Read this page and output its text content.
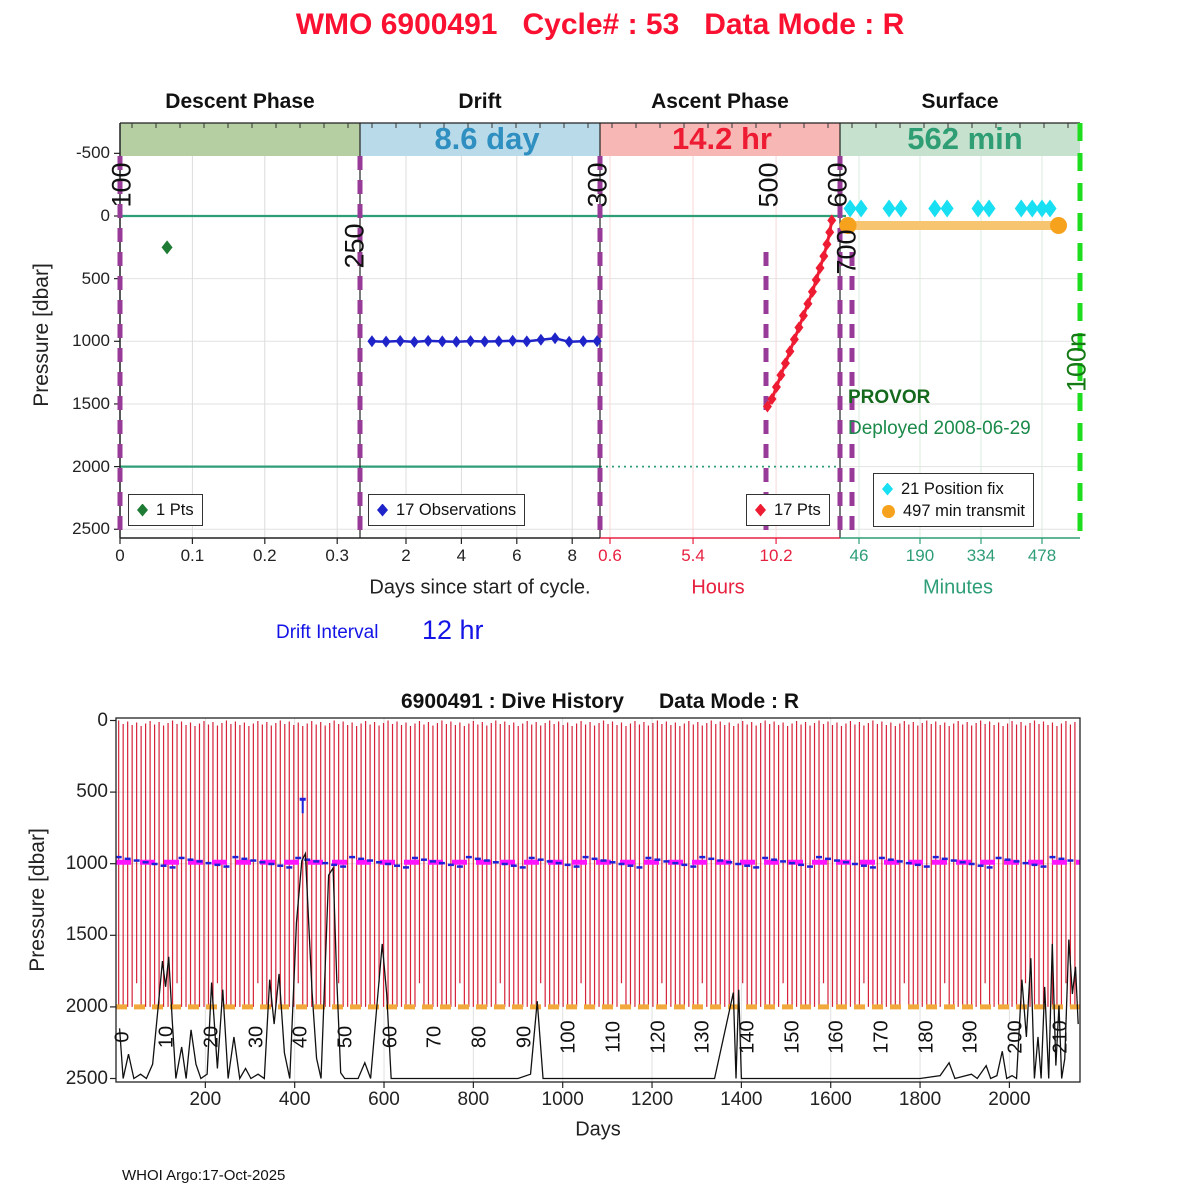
WMO 6900491   Cycle# : 53   Data Mode : R
Pressure [dbar]
Days since start of cycle.	Hours	Minutes
PROVOR
Deployed 2008-06-29
Drift Interval 12 hr
1 Pts	17 Observations	17 Pts
21 Position fix
497 min transmit
6900491 : Dive History      Data Mode : R
Pressure [dbar]
Days
WHOI Argo:17-Oct-2025
Descent Phase	Drift
8.6 day
Ascent Phase
14.2 hr
Surface
562 min
-500
0
500
1000
1500
2000
2500
0	0.1	0.2	0.3	2	4	6	8 0.6	5.4	10.2	46 190 334 478
100
250
300	500 600
700
100n
0 10 20 30 40 50 60 70 80 90 100 110 120 130 140 150 160 170 180 190 200 210
200	400	600	800	1000 1200 1400 1600 1800 2000
0
500
1000
1500
2000
2500
